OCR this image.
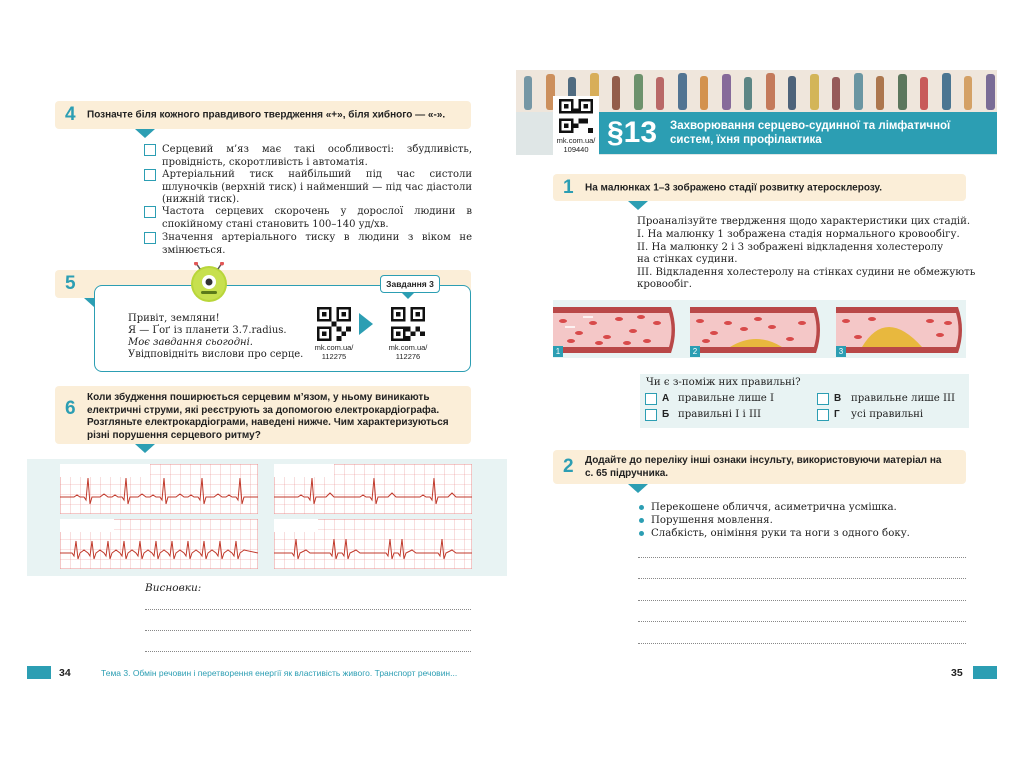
4 Позначте біля кожного правдивого твердження «+», біля хибного — «-».
Серцевий м’яз має такі особливості: збудливість, провідність, скоротливість і автоматія.
Артеріальний тиск найбільший під час систоли шлуночків (верхній тиск) і найменший — під час діастоли (нижній тиск).
Частота серцевих скорочень у дорослої людини в спокійному стані становить 100–140 уд/хв.
Значення артеріального тиску в людини з віком не змінюється.
5	Завдання 3
Привіт, земляни!
Я — Ґоґ із планети 3.7.radius.
Моє завдання сьогодні.
Увідповідніть вислови про серце.
mk.com.ua/
112275
mk.com.ua/
112276
6
Коли збудження поширюється серцевим м’язом, у ньому виникають
електричні струми, які реєструють за допомогою електрокардіографа.
Розгляньте електрокардіограми, наведені нижче. Чим характеризуються
різні порушення серцевого ритму?
Висновки:
34	Тема 3. Обмін речовин і перетворення енергії як властивість живого. Транспорт речовин...
§13 Захворювання серцево-судинної та лімфатичної
систем, їхня профілактика
mk.com.ua/
109440
1 На малюнках 1–3 зображено стадії розвитку атеросклерозу.
Проаналізуйте твердження щодо характеристики цих стадій.
I. На малюнку 1 зображена стадія нормального кровообігу.
II. На малюнку 2 і 3 зображені відкладення холестеролу
на стінках судини.
III. Відкладення холестеролу на стінках судини не обмежують
кровообіг.
1	2	3
Чи є з-поміж них правильні?
А правильне лише I
Б правильні I і III
В правильне лише III
Г усі правильні
2 Додайте до переліку інші ознаки інсульту, використовуючи матеріал на
с. 65 підручника.
Перекошене обличчя, асиметрична усмішка.
Порушення мовлення.
Слабкість, оніміння руки та ноги з одного боку.
35
